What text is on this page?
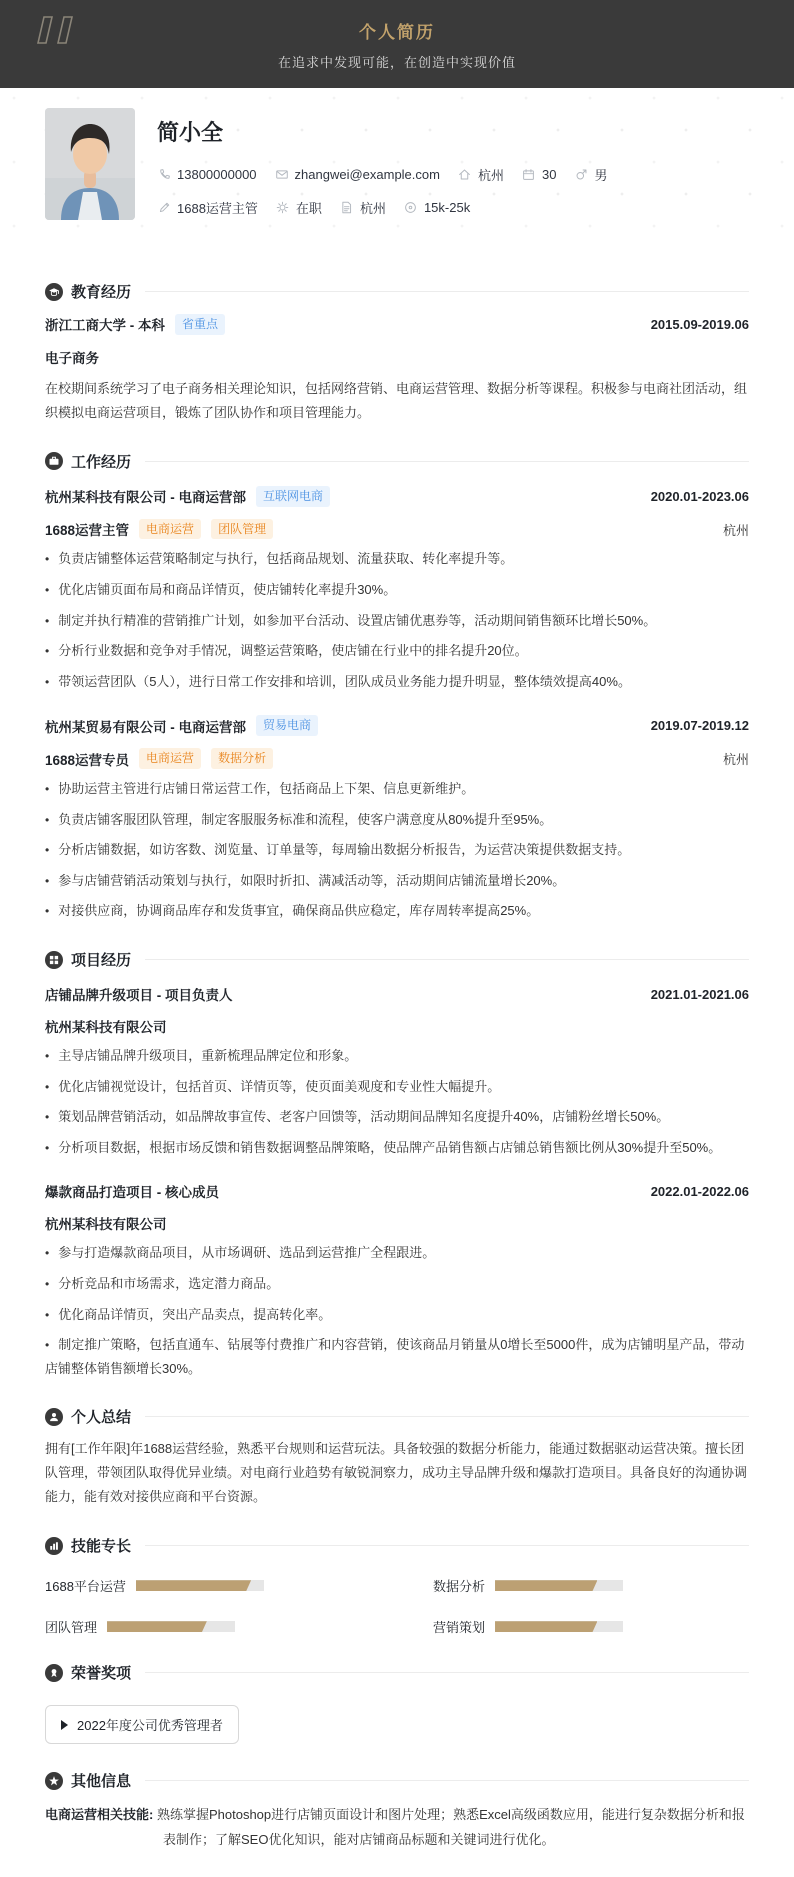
个人简历
在追求中发现可能，在创造中实现价值
简小全
13800000000	zhangwei@example.com	杭州	30	男
1688运营主管	在职	杭州	15k-25k
教育经历
浙江工商大学 - 本科	省重点	2015.09-2019.06
电子商务

在校期间系统学习了电子商务相关理论知识，包括网络营销、电商运营管理、数据分析等课程。积极参与电商社团活动，组织模拟电商运营项目，锻炼了团队协作和项目管理能力。

工作经历
杭州某科技有限公司 - 电商运营部	互联网电商	2020.01-2023.06
1688运营主管	电商运营	团队管理	杭州
• 负责店铺整体运营策略制定与执行，包括商品规划、流量获取、转化率提升等。
• 优化店铺页面布局和商品详情页，使店铺转化率提升30%。
• 制定并执行精准的营销推广计划，如参加平台活动、设置店铺优惠券等，活动期间销售额环比增长50%。
• 分析行业数据和竞争对手情况，调整运营策略，使店铺在行业中的排名提升20位。
• 带领运营团队（5人），进行日常工作安排和培训，团队成员业务能力提升明显，整体绩效提高40%。
杭州某贸易有限公司 - 电商运营部	贸易电商	2019.07-2019.12
1688运营专员	电商运营	数据分析	杭州
• 协助运营主管进行店铺日常运营工作，包括商品上下架、信息更新维护。
• 负责店铺客服团队管理，制定客服服务标准和流程，使客户满意度从80%提升至95%。
• 分析店铺数据，如访客数、浏览量、订单量等，每周输出数据分析报告，为运营决策提供数据支持。
• 参与店铺营销活动策划与执行，如限时折扣、满减活动等，活动期间店铺流量增长20%。
• 对接供应商，协调商品库存和发货事宜，确保商品供应稳定，库存周转率提高25%。
项目经历
店铺品牌升级项目 - 项目负责人	2021.01-2021.06
杭州某科技有限公司
• 主导店铺品牌升级项目，重新梳理品牌定位和形象。
• 优化店铺视觉设计，包括首页、详情页等，使页面美观度和专业性大幅提升。
• 策划品牌营销活动，如品牌故事宣传、老客户回馈等，活动期间品牌知名度提升40%，店铺粉丝增长50%。
• 分析项目数据，根据市场反馈和销售数据调整品牌策略，使品牌产品销售额占店铺总销售额比例从30%提升至50%。
爆款商品打造项目 - 核心成员	2022.01-2022.06
杭州某科技有限公司
• 参与打造爆款商品项目，从市场调研、选品到运营推广全程跟进。
• 分析竞品和市场需求，选定潜力商品。
• 优化商品详情页，突出产品卖点，提高转化率。
• 制定推广策略，包括直通车、钻展等付费推广和内容营销，使该商品月销量从0增长至5000件，成为店铺明星产品，带动店铺整体销售额增长30%。
个人总结

拥有[工作年限]年1688运营经验，熟悉平台规则和运营玩法。具备较强的数据分析能力，能通过数据驱动运营决策。擅长团队管理，带领团队取得优异业绩。对电商行业趋势有敏锐洞察力，成功主导品牌升级和爆款打造项目。具备良好的沟通协调能力，能有效对接供应商和平台资源。

技能专长
1688平台运营	数据分析
团队管理	营销策划
荣誉奖项
2022年度公司优秀管理者
其他信息

电商运营相关技能: 熟练掌握Photoshop进行店铺页面设计和图片处理；熟悉Excel高级函数应用，能进行复杂数据分析和报表制作；了解SEO优化知识，能对店铺商品标题和关键词进行优化。
